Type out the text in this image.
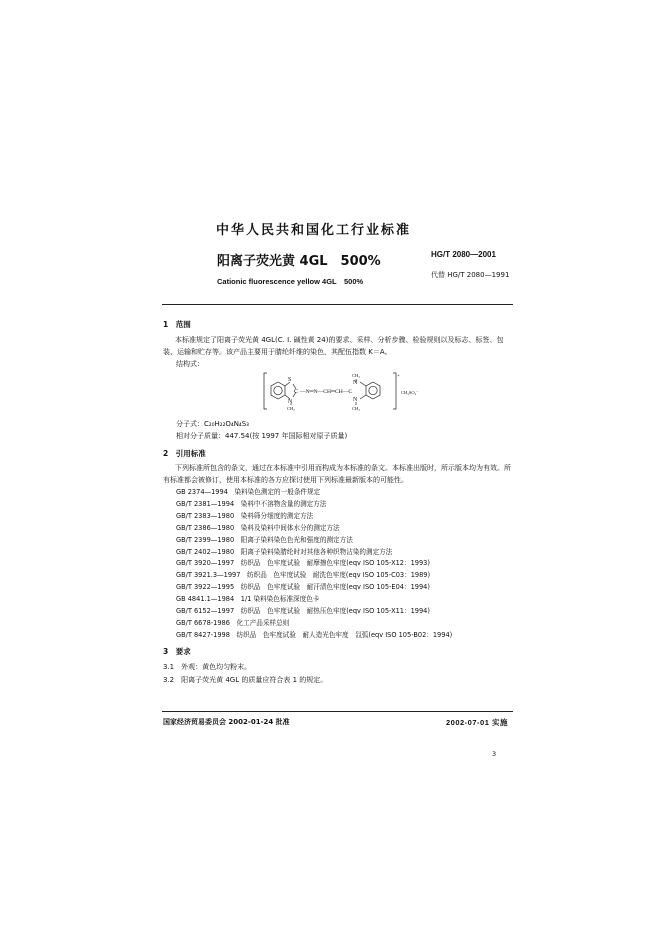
中华人民共和国化工行业标准
阳离子荧光黄 4GL　500%
Cationic fluorescence yellow 4GL　500%
HG/T 2080—2001
代替 HG/T 2080—1991
1　范围
本标准规定了阳离子荧光黄 4GL(C. I. 碱性黄 24)的要求、采样、分析步骤、检验规则以及标志、标签、包装、运输和贮存等。该产品主要用于腈纶纤维的染色，其配伍指数 K＝A。
结构式：
S
N
C —N═N—CH═CH—C
N
N
CH₃
CH₃	CH₃
+
CH₃SO₄⁻
分子式：C₂₀H₂₂O₄N₄S₃
相对分子质量：447.54(按 1997 年国际相对原子质量)
2　引用标准
下列标准所包含的条文，通过在本标准中引用而构成为本标准的条文。本标准出版时，所示版本均为有效。所有标准都会被修订，使用本标准的各方应探讨使用下列标准最新版本的可能性。
GB 2374—1994　染料染色测定的一般条件规定
GB/T 2381—1994　染料中不溶物含量的测定方法
GB/T 2383—1980　染料筛分细度的测定方法
GB/T 2386—1980　染料及染料中间体水分的测定方法
GB/T 2399—1980　阳离子染料染色色光和强度的测定方法
GB/T 2402—1980　阳离子染料染腈纶时对其他各种织物沾染的测定方法
GB/T 3920—1997　纺织品　色牢度试验　耐摩擦色牢度(eqv ISO 105-X12：1993)
GB/T 3921.3—1997　纺织品　色牢度试验　耐洗色牢度(eqv ISO 105-C03：1989)
GB/T 3922—1995　纺织品　色牢度试验　耐汗渍色牢度(eqv ISO 105-E04：1994)
GB 4841.1—1984　1/1 染料染色标准深度色卡
GB/T 6152—1997　纺织品　色牢度试验　耐热压色牢度(eqv ISO 105-X11：1994)
GB/T 6678-1986　化工产品采样总则
GB/T 8427-1998　纺织品　色牢度试验　耐人造光色牢度　氙弧(eqv ISO 105-B02：1994)
3　要求
3.1　外观：黄色均匀粉末。
3.2　阳离子荧光黄 4GL 的质量应符合表 1 的规定。
国家经济贸易委员会 2002-01-24 批准	2002-07-01 实施
3
